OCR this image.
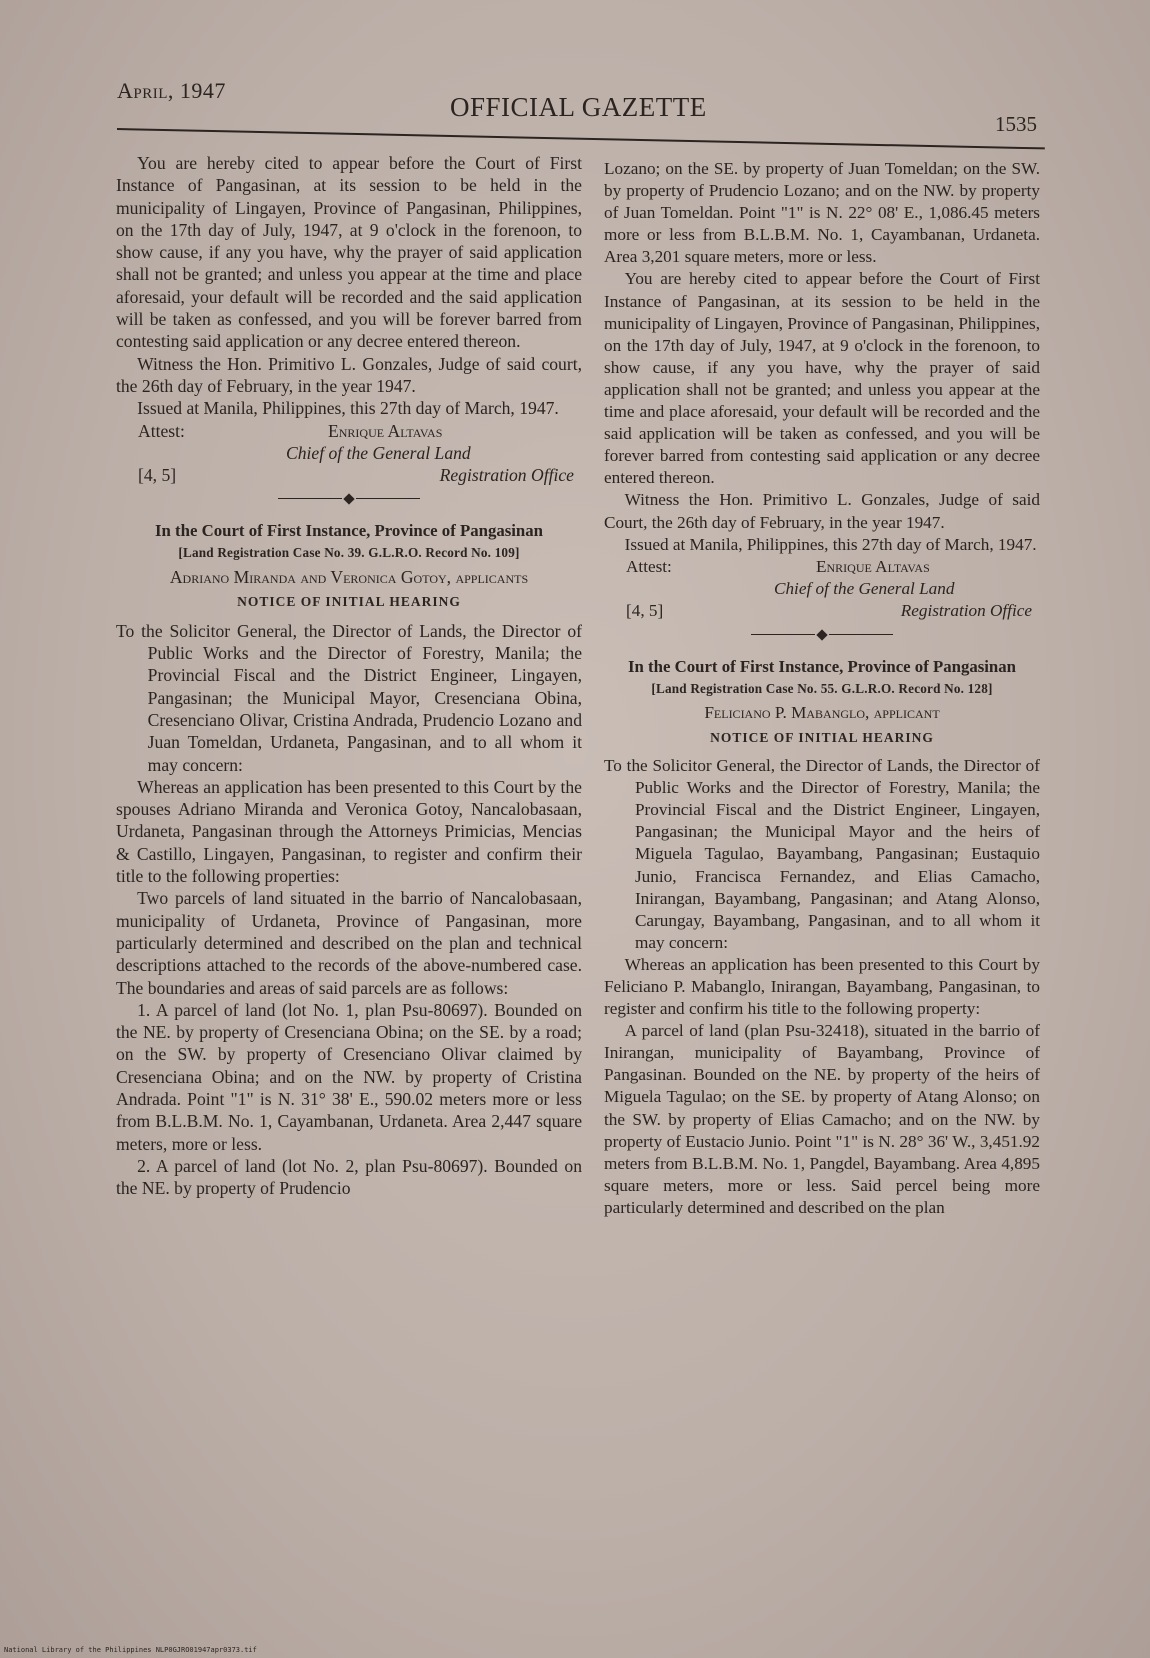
April, 1947
OFFICIAL GAZETTE
1535

You are hereby cited to appear before the Court of First Instance of Pangasinan, at its session to be held in the municipality of Lingayen, Province of Pangasinan, Philippines, on the 17th day of July, 1947, at 9 o'clock in the forenoon, to show cause, if any you have, why the prayer of said application shall not be granted; and unless you appear at the time and place aforesaid, your default will be recorded and the said application will be taken as confessed, and you will be forever barred from contesting said application or any decree entered thereon.

Witness the Hon. Primitivo L. Gonzales, Judge of said court, the 26th day of February, in the year 1947.

Issued at Manila, Philippines, this 27th day of March, 1947.

Attest:	Enrique Altavas
Chief of the General Land
[4, 5]	Registration Office

In the Court of First Instance, Province of Pangasinan

[Land Registration Case No. 39. G.L.R.O. Record No. 109]

Adriano Miranda and Veronica Gotoy, applicants

NOTICE OF INITIAL HEARING

To the Solicitor General, the Director of Lands, the Director of Public Works and the Director of Forestry, Manila; the Provincial Fiscal and the District Engineer, Lingayen, Pangasinan; the Municipal Mayor, Cresenciana Obina, Cresenciano Olivar, Cristina Andrada, Prudencio Lozano and Juan Tomeldan, Urdaneta, Pangasinan, and to all whom it may concern:

Whereas an application has been presented to this Court by the spouses Adriano Miranda and Veronica Gotoy, Nancalobasaan, Urdaneta, Pangasinan through the Attorneys Primicias, Mencias & Castillo, Lingayen, Pangasinan, to register and confirm their title to the following properties:

Two parcels of land situated in the barrio of Nancalobasaan, municipality of Urdaneta, Province of Pangasinan, more particularly determined and described on the plan and technical descriptions attached to the records of the above-numbered case. The boundaries and areas of said parcels are as follows:

1. A parcel of land (lot No. 1, plan Psu-80697). Bounded on the NE. by property of Cresenciana Obina; on the SE. by a road; on the SW. by property of Cresenciano Olivar claimed by Cresenciana Obina; and on the NW. by property of Cristina Andrada. Point "1" is N. 31° 38' E., 590.02 meters more or less from B.L.B.M. No. 1, Cayambanan, Urdaneta. Area 2,447 square meters, more or less.

2. A parcel of land (lot No. 2, plan Psu-80697). Bounded on the NE. by property of Prudencio

Lozano; on the SE. by property of Juan Tomeldan; on the SW. by property of Prudencio Lozano; and on the NW. by property of Juan Tomeldan. Point "1" is N. 22° 08' E., 1,086.45 meters more or less from B.L.B.M. No. 1, Cayambanan, Urdaneta. Area 3,201 square meters, more or less.

You are hereby cited to appear before the Court of First Instance of Pangasinan, at its session to be held in the municipality of Lingayen, Province of Pangasinan, Philippines, on the 17th day of July, 1947, at 9 o'clock in the forenoon, to show cause, if any you have, why the prayer of said application shall not be granted; and unless you appear at the time and place aforesaid, your default will be recorded and the said application will be taken as confessed, and you will be forever barred from contesting said application or any decree entered thereon.

Witness the Hon. Primitivo L. Gonzales, Judge of said Court, the 26th day of February, in the year 1947.

Issued at Manila, Philippines, this 27th day of March, 1947.

Attest:	Enrique Altavas
Chief of the General Land
[4, 5]	Registration Office

In the Court of First Instance, Province of Pangasinan

[Land Registration Case No. 55. G.L.R.O. Record No. 128]

Feliciano P. Mabanglo, applicant

NOTICE OF INITIAL HEARING

To the Solicitor General, the Director of Lands, the Director of Public Works and the Director of Forestry, Manila; the Provincial Fiscal and the District Engineer, Lingayen, Pangasinan; the Municipal Mayor and the heirs of Miguela Tagulao, Bayambang, Pangasinan; Eustaquio Junio, Francisca Fernandez, and Elias Camacho, Inirangan, Bayambang, Pangasinan; and Atang Alonso, Carungay, Bayambang, Pangasinan, and to all whom it may concern:

Whereas an application has been presented to this Court by Feliciano P. Mabanglo, Inirangan, Bayambang, Pangasinan, to register and confirm his title to the following property:

A parcel of land (plan Psu-32418), situated in the barrio of Inirangan, municipality of Bayambang, Province of Pangasinan. Bounded on the NE. by property of the heirs of Miguela Tagulao; on the SE. by property of Atang Alonso; on the SW. by property of Elias Camacho; and on the NW. by property of Eustacio Junio. Point "1" is N. 28° 36' W., 3,451.92 meters from B.L.B.M. No. 1, Pangdel, Bayambang. Area 4,895 square meters, more or less. Said percel being more particularly determined and described on the plan

National Library of the Philippines NLP0GJRO01947apr0373.tif
